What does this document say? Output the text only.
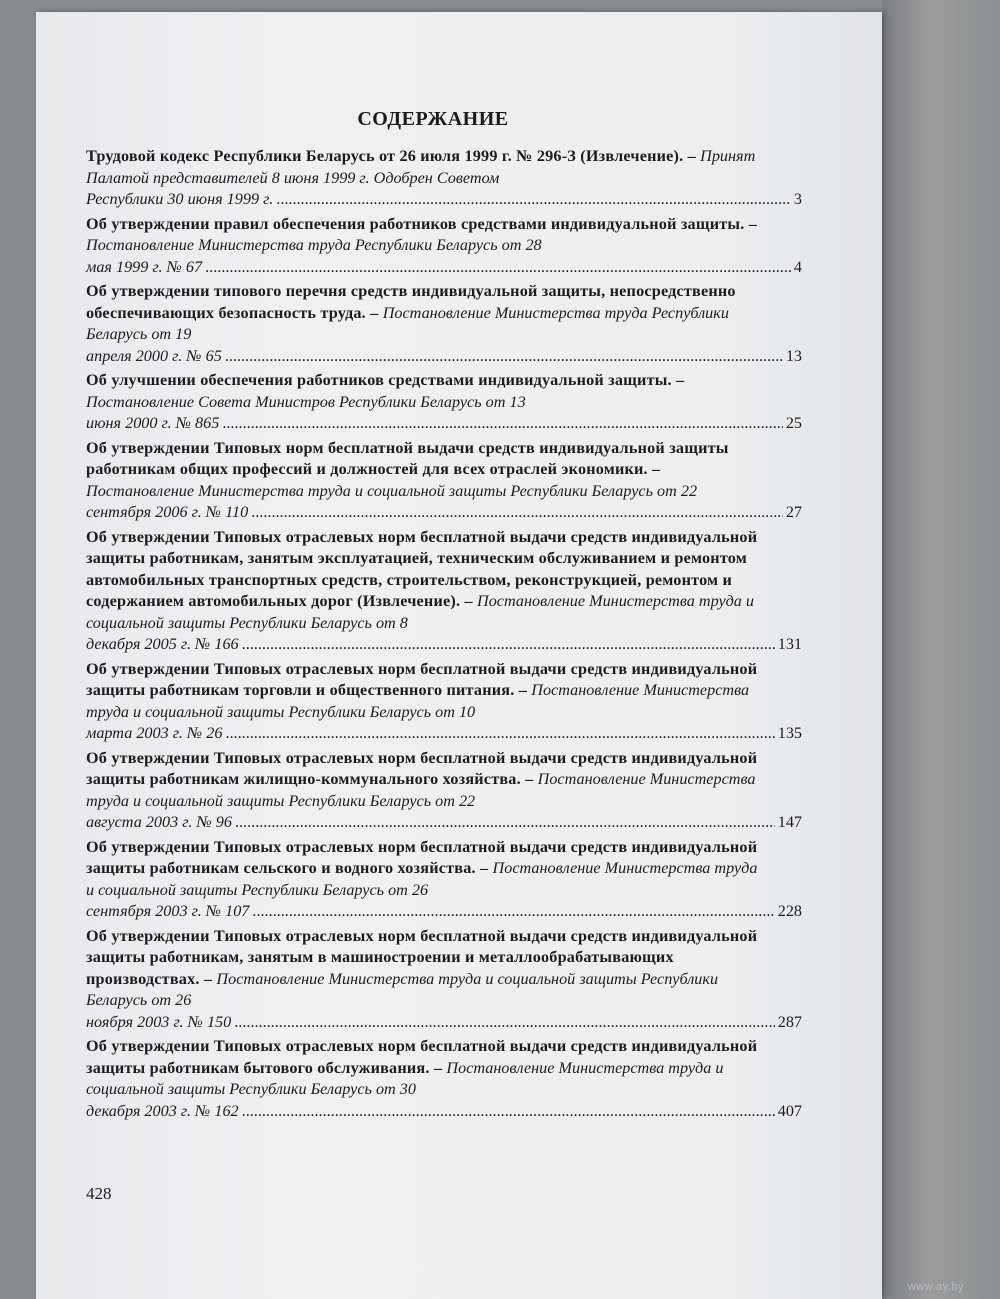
СОДЕРЖАНИЕ
Трудовой кодекс Республики Беларусь от 26 июля 1999 г. № 296-З (Извлечение). – Принят Палатой представителей 8 июня 1999 г. Одобрен Советом
Республики 30 июня 1999 г. .....	3
Об утверждении правил обеспечения работников средствами индивидуальной защиты. – Постановление Министерства труда Республики Беларусь от 28
мая 1999 г. № 67 .....	4
Об утверждении типового перечня средств индивидуальной защиты, непосредственно обеспечивающих безопасность труда. – Постановление Министерства труда Республики Беларусь от 19
апреля 2000 г. № 65 .....	13
Об улучшении обеспечения работников средствами индивидуальной защиты. – Постановление Совета Министров Республики Беларусь от 13
июня 2000 г. № 865 .....	25
Об утверждении Типовых норм бесплатной выдачи средств индивидуальной защиты работникам общих профессий и должностей для всех отраслей экономики. – Постановление Министерства труда и социальной защиты Республики Беларусь от 22
сентября 2006 г. № 110 .....	27
Об утверждении Типовых отраслевых норм бесплатной выдачи средств индивидуальной защиты работникам, занятым эксплуатацией, техническим обслуживанием и ремонтом автомобильных транспортных средств, строительством, реконструкцией, ремонтом и содержанием автомобильных дорог (Извлечение). – Постановление Министерства труда и социальной защиты Республики Беларусь от 8
декабря 2005 г. № 166 .....	131
Об утверждении Типовых отраслевых норм бесплатной выдачи средств индивидуальной защиты работникам торговли и общественного питания. – Постановление Министерства труда и социальной защиты Республики Беларусь от 10
марта 2003 г. № 26 .....	135
Об утверждении Типовых отраслевых норм бесплатной выдачи средств индивидуальной защиты работникам жилищно-коммунального хозяйства. – Постановление Министерства труда и социальной защиты Республики Беларусь от 22
августа 2003 г. № 96 .....	147
Об утверждении Типовых отраслевых норм бесплатной выдачи средств индивидуальной защиты работникам сельского и водного хозяйства. – Постановление Министерства труда и социальной защиты Республики Беларусь от 26
сентября 2003 г. № 107 .....	228
Об утверждении Типовых отраслевых норм бесплатной выдачи средств индивидуальной защиты работникам, занятым в машиностроении и металлообрабатывающих производствах. – Постановление Министерства труда и социальной защиты Республики Беларусь от 26
ноября 2003 г. № 150 .....	287
Об утверждении Типовых отраслевых норм бесплатной выдачи средств индивидуальной защиты работникам бытового обслуживания. – Постановление Министерства труда и социальной защиты Республики Беларусь от 30
декабря 2003 г. № 162 .....	407
428
www.ay.by
